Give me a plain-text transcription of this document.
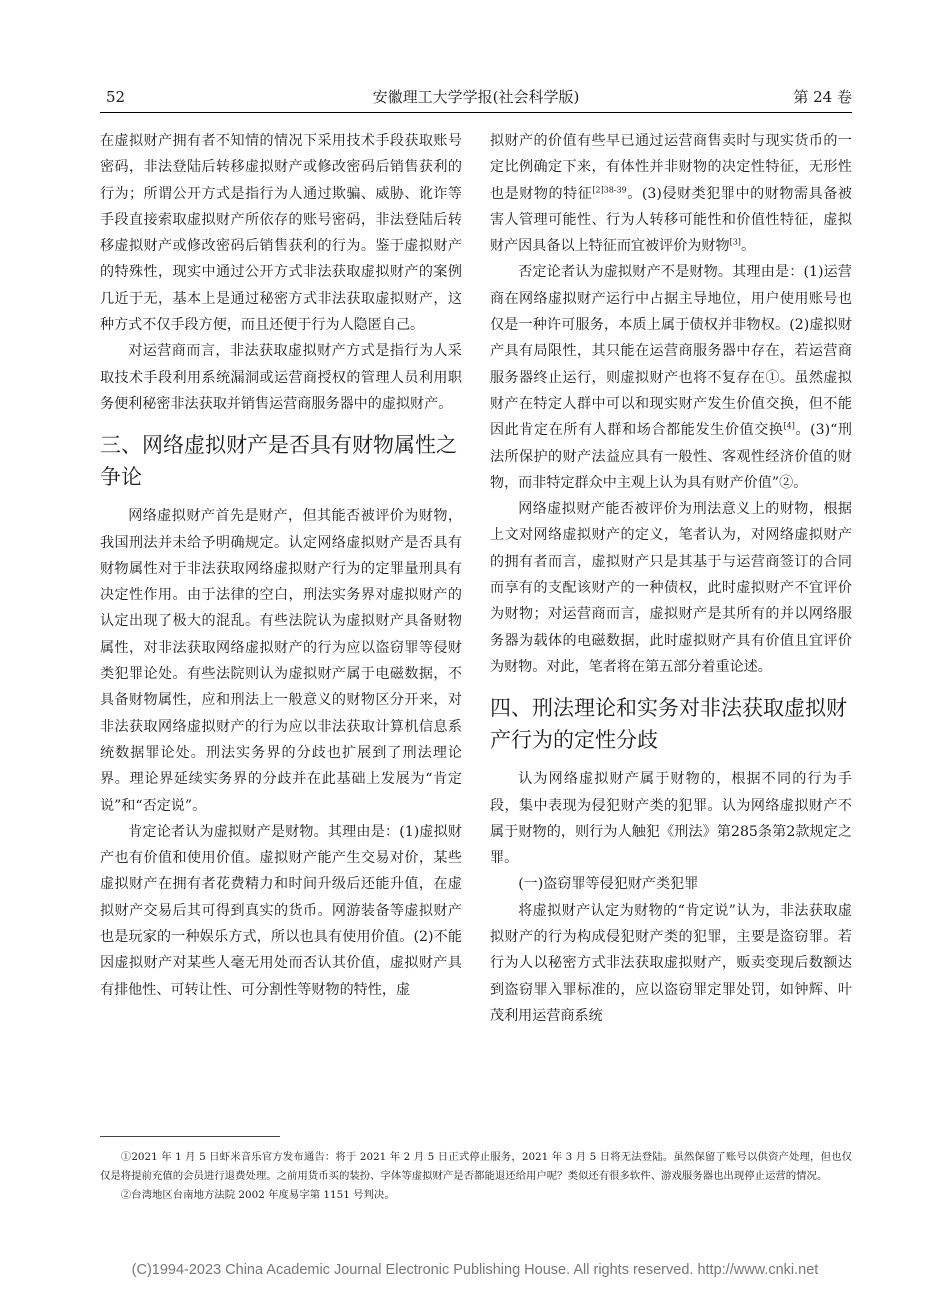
52	安徽理工大学学报(社会科学版)	第 24 卷

在虚拟财产拥有者不知情的情况下采用技术手段获取账号密码，非法登陆后转移虚拟财产或修改密码后销售获利的行为；所谓公开方式是指行为人通过欺骗、威胁、讹诈等手段直接索取虚拟财产所依存的账号密码，非法登陆后转移虚拟财产或修改密码后销售获利的行为。鉴于虚拟财产的特殊性，现实中通过公开方式非法获取虚拟财产的案例几近于无，基本上是通过秘密方式非法获取虚拟财产，这种方式不仅手段方便，而且还便于行为人隐匿自己。

对运营商而言，非法获取虚拟财产方式是指行为人采取技术手段利用系统漏洞或运营商授权的管理人员利用职务便利秘密非法获取并销售运营商服务器中的虚拟财产。

三、网络虚拟财产是否具有财物属性之争论

网络虚拟财产首先是财产，但其能否被评价为财物，我国刑法并未给予明确规定。认定网络虚拟财产是否具有财物属性对于非法获取网络虚拟财产行为的定罪量刑具有决定性作用。由于法律的空白，刑法实务界对虚拟财产的认定出现了极大的混乱。有些法院认为虚拟财产具备财物属性，对非法获取网络虚拟财产的行为应以盗窃罪等侵财类犯罪论处。有些法院则认为虚拟财产属于电磁数据，不具备财物属性，应和刑法上一般意义的财物区分开来，对非法获取网络虚拟财产的行为应以非法获取计算机信息系统数据罪论处。刑法实务界的分歧也扩展到了刑法理论界。理论界延续实务界的分歧并在此基础上发展为“肯定说”和“否定说”。

肯定论者认为虚拟财产是财物。其理由是：(1)虚拟财产也有价值和使用价值。虚拟财产能产生交易对价，某些虚拟财产在拥有者花费精力和时间升级后还能升值，在虚拟财产交易后其可得到真实的货币。网游装备等虚拟财产也是玩家的一种娱乐方式，所以也具有使用价值。(2)不能因虚拟财产对某些人毫无用处而否认其价值，虚拟财产具有排他性、可转让性、可分割性等财物的特性，虚

拟财产的价值有些早已通过运营商售卖时与现实货币的一定比例确定下来，有体性并非财物的决定性特征，无形性也是财物的特征$^{[2]38-39}$。(3)侵财类犯罪中的财物需具备被害人管理可能性、行为人转移可能性和价值性特征，虚拟财产因具备以上特征而宜被评价为财物[3]。

否定论者认为虚拟财产不是财物。其理由是：(1)运营商在网络虚拟财产运行中占据主导地位，用户使用账号也仅是一种许可服务，本质上属于债权并非物权。(2)虚拟财产具有局限性，其只能在运营商服务器中存在，若运营商服务器终止运行，则虚拟财产也将不复存在①。虽然虚拟财产在特定人群中可以和现实财产发生价值交换，但不能因此肯定在所有人群和场合都能发生价值交换[4]。(3)“刑法所保护的财产法益应具有一般性、客观性经济价值的财物，而非特定群众中主观上认为具有财产价值”②。

网络虚拟财产能否被评价为刑法意义上的财物，根据上文对网络虚拟财产的定义，笔者认为，对网络虚拟财产的拥有者而言，虚拟财产只是其基于与运营商签订的合同而享有的支配该财产的一种债权，此时虚拟财产不宜评价为财物；对运营商而言，虚拟财产是其所有的并以网络服务器为载体的电磁数据，此时虚拟财产具有价值且宜评价为财物。对此，笔者将在第五部分着重论述。

四、刑法理论和实务对非法获取虚拟财产行为的定性分歧

认为网络虚拟财产属于财物的，根据不同的行为手段，集中表现为侵犯财产类的犯罪。认为网络虚拟财产不属于财物的，则行为人触犯《刑法》第285条第2款规定之罪。

(一)盗窃罪等侵犯财产类犯罪

将虚拟财产认定为财物的“肯定说”认为，非法获取虚拟财产的行为构成侵犯财产类的犯罪，主要是盗窃罪。若行为人以秘密方式非法获取虚拟财产，贩卖变现后数额达到盗窃罪入罪标准的，应以盗窃罪定罪处罚，如钟辉、叶茂利用运营商系统

①2021 年 1 月 5 日虾米音乐官方发布通告：将于 2021 年 2 月 5 日正式停止服务，2021 年 3 月 5 日将无法登陆。虽然保留了账号以供资产处理，但也仅仅是将提前充值的会员进行退费处理。之前用货币买的装扮、字体等虚拟财产是否都能退还给用户呢？类似还有很多软件、游戏服务器也出现停止运营的情况。

②台湾地区台南地方法院 2002 年度易字第 1151 号判决。

(C)1994-2023 China Academic Journal Electronic Publishing House. All rights reserved. http://www.cnki.net
